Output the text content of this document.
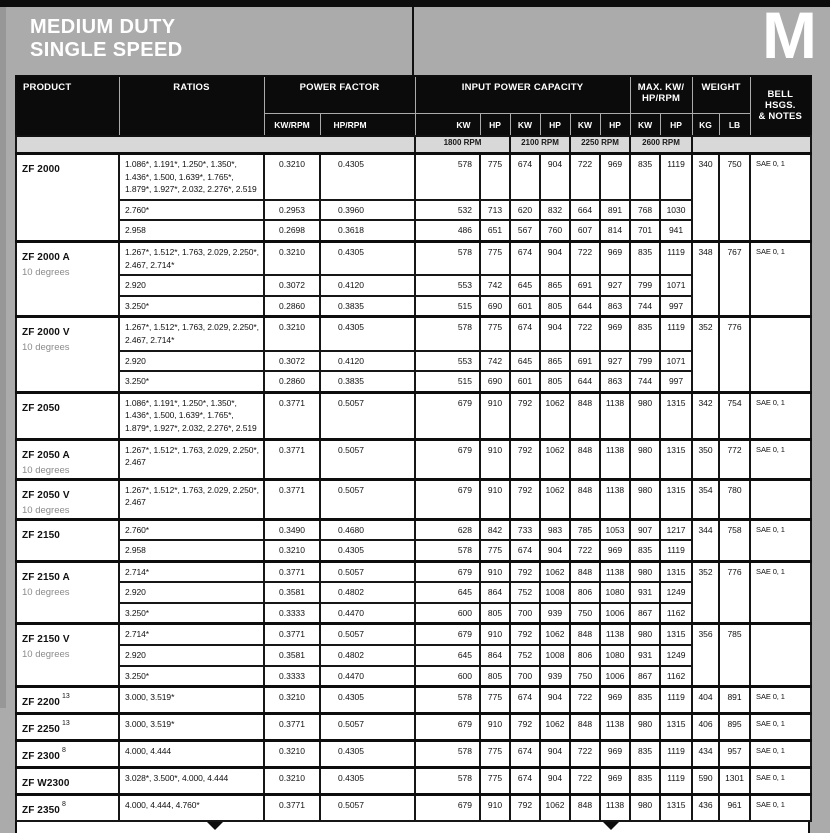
MEDIUM DUTY
SINGLE SPEED	M
PRODUCT	RATIOS	POWER FACTOR		INPUT POWER CAPACITY						MAX. KW/
HP/RPM		WEIGHT		BELL HSGS.
& NOTES
		KW/RPM	HP/RPM	KW	HP	KW	HP	KW	HP	KW	HP	KG	LB	
				1800 RPM		2100 RPM		2250 RPM		2600 RPM				
ZF 2000	1.086*, 1.191*, 1.250*, 1.350*,
1.436*, 1.500, 1.639*, 1.765*,
1.879*, 1.927*, 2.032, 2.276*, 2.519	0.3210	0.4305	578	775	674	904	722	969	835	1119	340	750	SAE 0, 1
	2.760*	0.2953	0.3960	532	713	620	832	664	891	768	1030			
	2.958	0.2698	0.3618	486	651	567	760	607	814	701	941			
ZF 2000 A
10 degrees	1.267*, 1.512*, 1.763, 2.029, 2.250*,
2.467, 2.714*	0.3210	0.4305	578	775	674	904	722	969	835	1119	348	767	SAE 0, 1
	2.920	0.3072	0.4120	553	742	645	865	691	927	799	1071			
	3.250*	0.2860	0.3835	515	690	601	805	644	863	744	997			
ZF 2000 V
10 degrees	1.267*, 1.512*, 1.763, 2.029, 2.250*,
2.467, 2.714*	0.3210	0.4305	578	775	674	904	722	969	835	1119	352	776	
	2.920	0.3072	0.4120	553	742	645	865	691	927	799	1071			
	3.250*	0.2860	0.3835	515	690	601	805	644	863	744	997			
ZF 2050	1.086*, 1.191*, 1.250*, 1.350*,
1.436*, 1.500, 1.639*, 1.765*,
1.879*, 1.927*, 2.032, 2.276*, 2.519	0.3771	0.5057	679	910	792	1062	848	1138	980	1315	342	754	SAE 0, 1
ZF 2050 A
10 degrees	1.267*, 1.512*, 1.763, 2.029, 2.250*,
2.467	0.3771	0.5057	679	910	792	1062	848	1138	980	1315	350	772	SAE 0, 1
ZF 2050 V
10 degrees	1.267*, 1.512*, 1.763, 2.029, 2.250*,
2.467	0.3771	0.5057	679	910	792	1062	848	1138	980	1315	354	780	
ZF 2150	2.760*	0.3490	0.4680	628	842	733	983	785	1053	907	1217	344	758	SAE 0, 1
	2.958	0.3210	0.4305	578	775	674	904	722	969	835	1119			
ZF 2150 A
10 degrees	2.714*	0.3771	0.5057	679	910	792	1062	848	1138	980	1315	352	776	SAE 0, 1
	2.920	0.3581	0.4802	645	864	752	1008	806	1080	931	1249			
	3.250*	0.3333	0.4470	600	805	700	939	750	1006	867	1162			
ZF 2150 V
10 degrees	2.714*	0.3771	0.5057	679	910	792	1062	848	1138	980	1315	356	785	
	2.920	0.3581	0.4802	645	864	752	1008	806	1080	931	1249			
	3.250*	0.3333	0.4470	600	805	700	939	750	1006	867	1162			
ZF 2200$^{13}$	3.000, 3.519*	0.3210	0.4305	578	775	674	904	722	969	835	1119	404	891	SAE 0, 1
ZF 2250$^{13}$	3.000, 3.519*	0.3771	0.5057	679	910	792	1062	848	1138	980	1315	406	895	SAE 0, 1
ZF 2300$^8$	4.000, 4.444	0.3210	0.4305	578	775	674	904	722	969	835	1119	434	957	SAE 0, 1
ZF W2300	3.028*, 3.500*, 4.000, 4.444	0.3210	0.4305	578	775	674	904	722	969	835	1119	590	1301	SAE 0, 1
ZF 2350$^8$	4.000, 4.444, 4.760*	0.3771	0.5057	679	910	792	1062	848	1138	980	1315	436	961	SAE 0, 1
